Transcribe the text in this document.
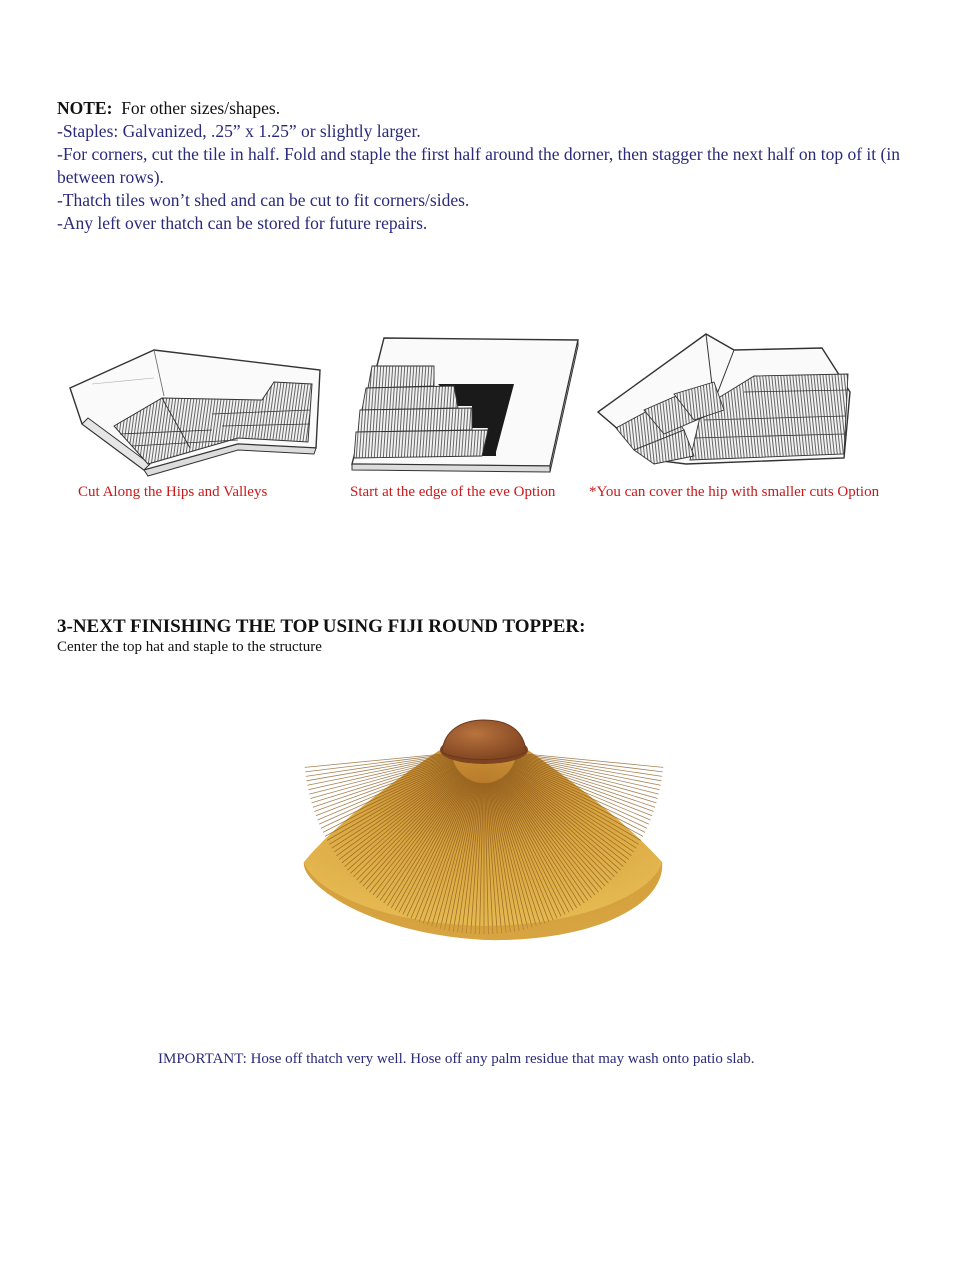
NOTE: For other sizes/shapes.

-Staples: Galvanized, .25” x 1.25” or slightly larger.

-For corners, cut the tile in half. Fold and staple the first half around the dorner, then stagger the next half on top of it (in between rows).

-Thatch tiles won’t shed and can be cut to fit corners/sides.

-Any left over thatch can be stored for future repairs.

Cut Along the Hips and Valleys	Start at the edge of the eve Option *You can cover the hip with smaller cuts Option
3-NEXT FINISHING THE TOP USING FIJI ROUND TOPPER:
Center the top hat and staple to the structure
IMPORTANT: Hose off thatch very well. Hose off any palm residue that may wash onto patio slab.
